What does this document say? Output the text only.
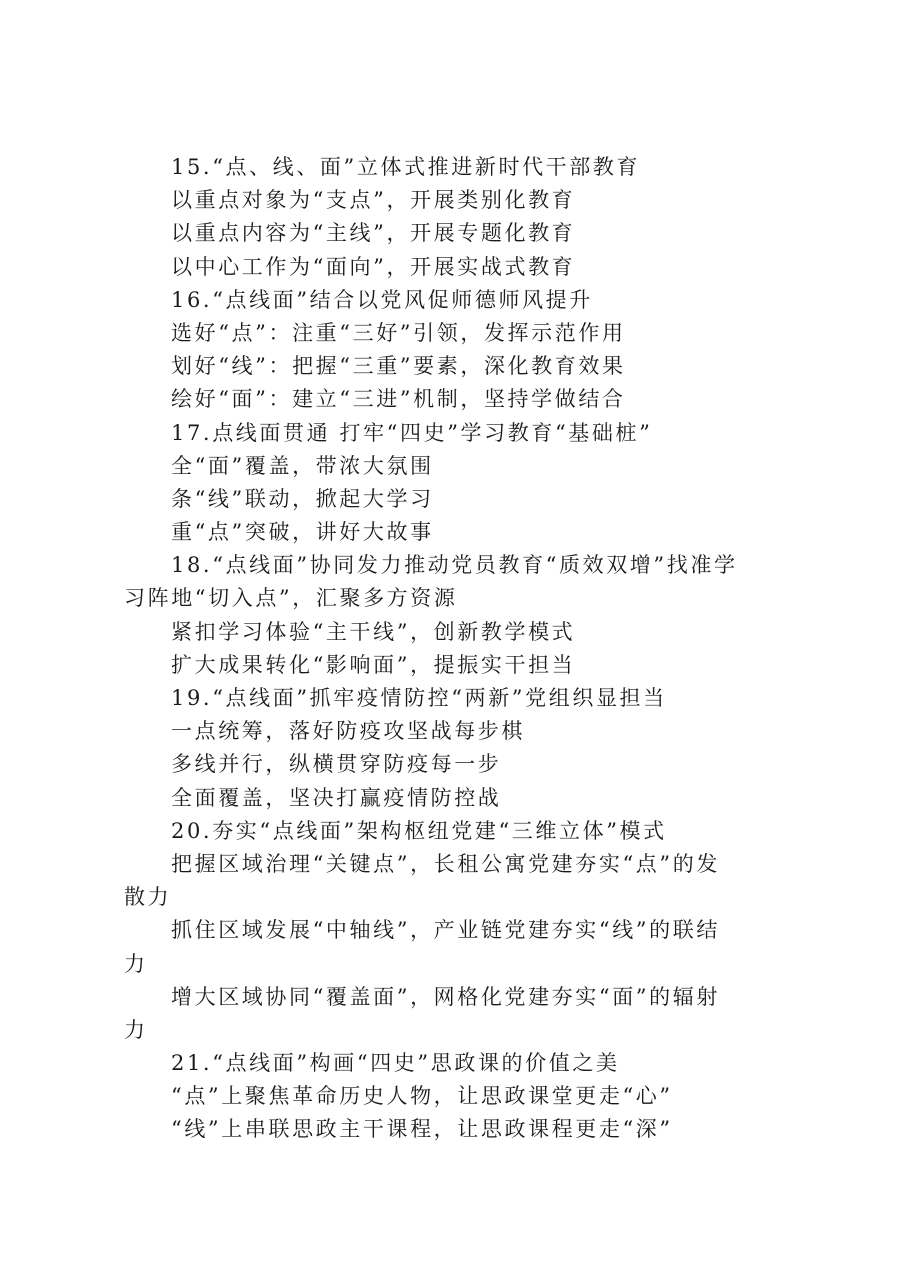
15.“点、线、面”立体式推进新时代干部教育
以重点对象为“支点”，开展类别化教育
以重点内容为“主线”，开展专题化教育
以中心工作为“面向”，开展实战式教育
16.“点线面”结合以党风促师德师风提升
选好“点”：注重“三好”引领，发挥示范作用
划好“线”：把握“三重”要素，深化教育效果
绘好“面”：建立“三进”机制，坚持学做结合
17.点线面贯通 打牢“四史”学习教育“基础桩”
全“面”覆盖，带浓大氛围
条“线”联动，掀起大学习
重“点”突破，讲好大故事
18.“点线面”协同发力推动党员教育“质效双增”找准学
习阵地“切入点”，汇聚多方资源
紧扣学习体验“主干线”，创新教学模式
扩大成果转化“影响面”，提振实干担当
19.“点线面”抓牢疫情防控“两新”党组织显担当
一点统筹，落好防疫攻坚战每步棋
多线并行，纵横贯穿防疫每一步
全面覆盖，坚决打赢疫情防控战
20.夯实“点线面”架构枢纽党建“三维立体”模式
把握区域治理“关键点”，长租公寓党建夯实“点”的发
散力
抓住区域发展“中轴线”，产业链党建夯实“线”的联结
力
增大区域协同“覆盖面”，网格化党建夯实“面”的辐射
力
21.“点线面”构画“四史”思政课的价值之美
“点”上聚焦革命历史人物，让思政课堂更走“心”
“线”上串联思政主干课程，让思政课程更走“深”
